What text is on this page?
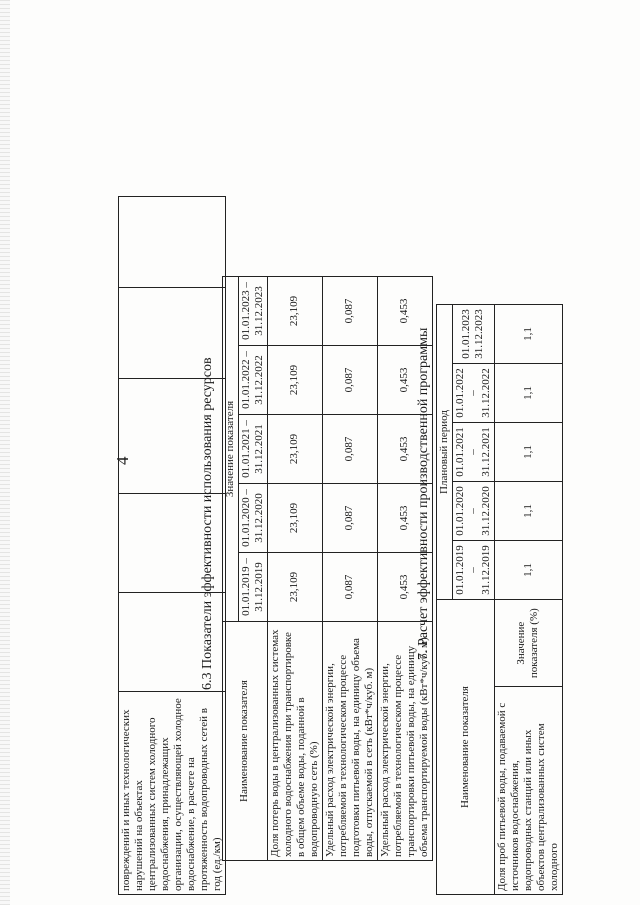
4
повреждений и иных технологических нарушений на объектах централизованных систем холодного водоснабжения, принадлежащих организации, осуществляющей холодное водоснабжение, в расчете на протяженность водопроводных сетей в год (ед./км)					
6.3 Показатели эффективности использования ресурсов
Наименование показателя	Значение показателя				
	01.01.2019 – 31.12.2019	01.01.2020 – 31.12.2020	01.01.2021 – 31.12.2021	01.01.2022 – 31.12.2022	01.01.2023 – 31.12.2023
Доля потерь воды в централизованных системах холодного водоснабжения при транспортировке в общем объеме воды, поданной в водопроводную сеть (%)	23,109	23,109	23,109	23,109	23,109
Удельный расход электрической энергии, потребляемой в технологическом процессе подготовки питьевой воды, на единицу объема воды, отпускаемой в сеть (кВт*ч/куб. м)	0,087	0,087	0,087	0,087	0,087
Удельный расход электрической энергии, потребляемой в технологическом процессе транспортировки питьевой воды, на единицу объема транспортируемой воды (кВт*ч/куб. м)	0,453	0,453	0,453	0,453	0,453
7. Расчет эффективности производственной программы
Наименование показателя		Плановый период				
		01.01.2019 – 31.12.2019	01.01.2020 – 31.12.2020	01.01.2021 – 31.12.2021	01.01.2022 – 31.12.2022	01.01.2023 31.12.2023
Доля проб питьевой воды, подаваемой с источников водоснабжения, водопроводных станций или иных объектов централизованных систем холодного	Значение показателя (%)	1,1	1,1	1,1	1,1	1,1
